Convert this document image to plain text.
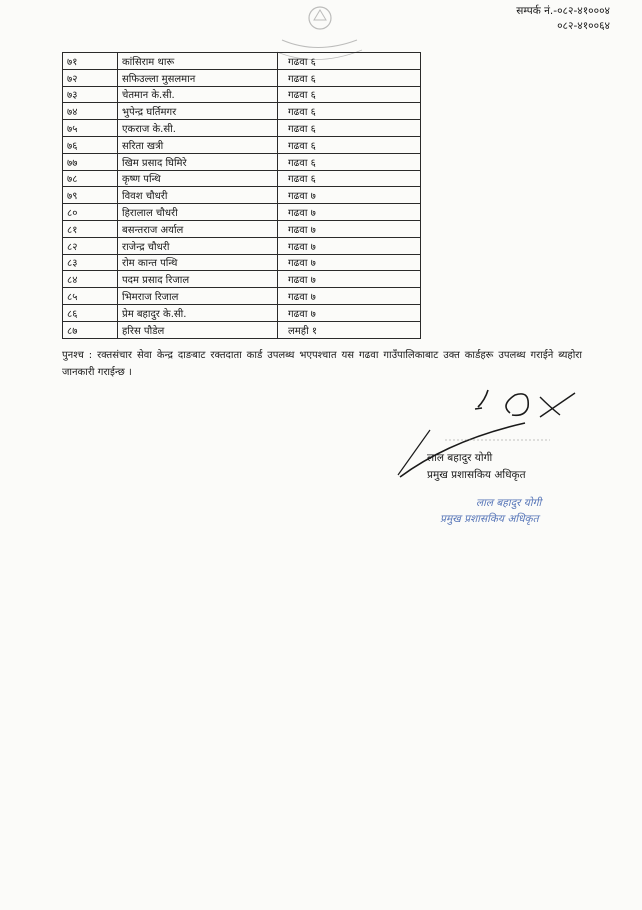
सम्पर्क नं.-०८२-४१०००४
०८२-४१००६४
७१	कांसिराम थारू	गढवा ६
७२	सफिउल्ला मुसलमान	गढवा ६
७३	चेतमान के.सी.	गढवा ६
७४	भुपेन्द्र घर्तिमगर	गढवा ६
७५	एकराज के.सी.	गढवा ६
७६	सरिता खत्री	गढवा ६
७७	खिम प्रसाद घिमिरे	गढवा ६
७८	कृष्ण पन्थि	गढवा ६
७९	विवश चौधरी	गढवा ७
८०	हिरालाल चौधरी	गढवा ७
८१	बसन्तराज अर्याल	गढवा ७
८२	राजेन्द्र चौधरी	गढवा ७
८३	रोम कान्त पन्थि	गढवा ७
८४	पदम प्रसाद रिजाल	गढवा ७
८५	भिमराज रिजाल	गढवा ७
८६	प्रेम बहादुर के.सी.	गढवा ७
८७	हरिस पौडेल	लमही १
पुनश्च : रक्तसंचार सेवा केन्द्र दाङबाट रक्तदाता कार्ड उपलब्ध भएपश्चात यस गढवा गाउँपालिकाबाट उक्त कार्डहरू उपलब्ध गराईने ब्यहोरा जानकारी गराईन्छ ।
लाल बहादुर योगी
प्रमुख प्रशासकिय अधिकृत
लाल बहादुर योगी
प्रमुख प्रशासकिय अधिकृत
